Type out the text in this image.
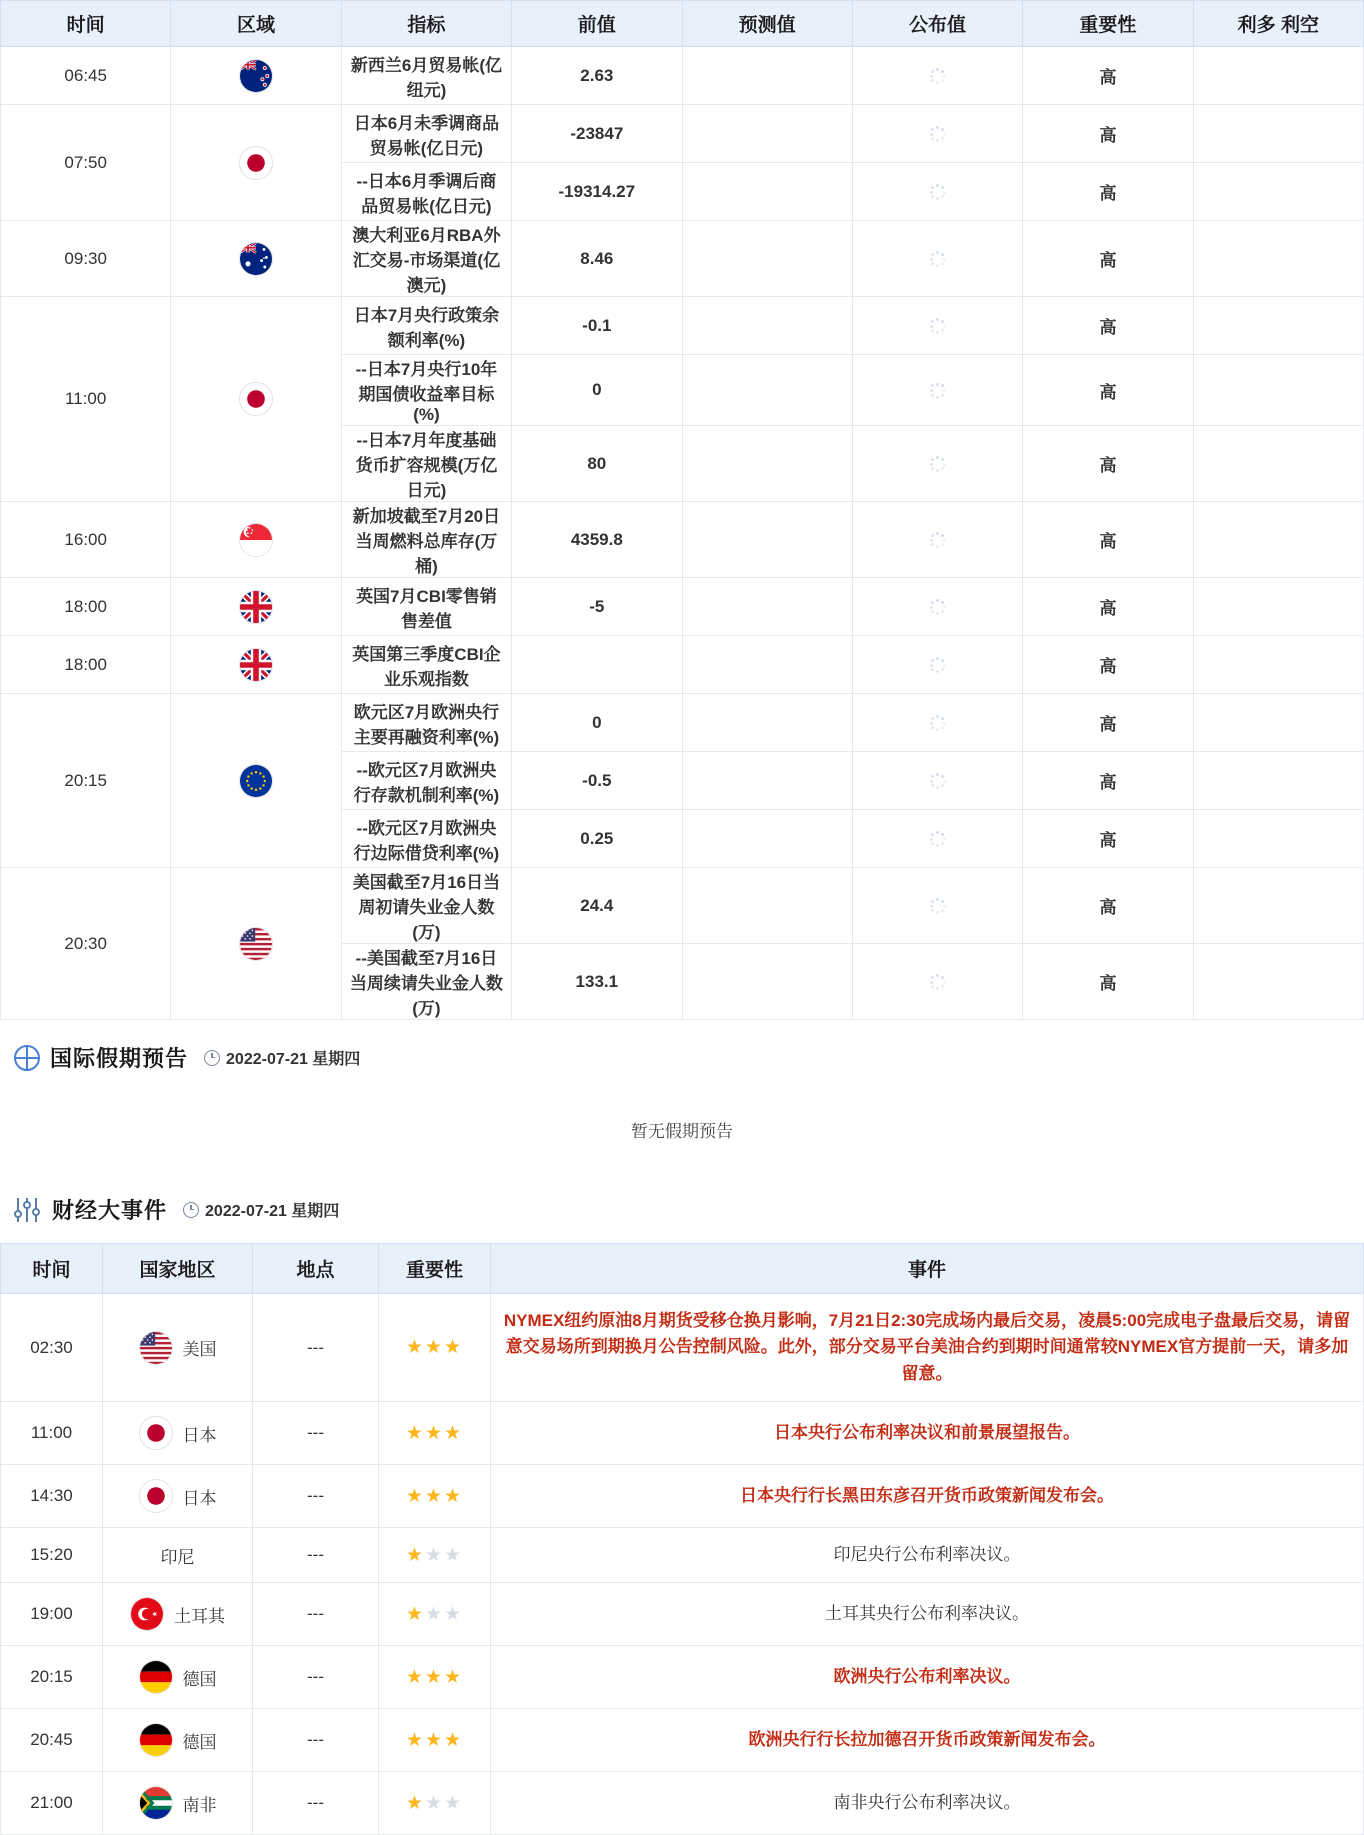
时间	区域	指标	前值	预测值	公布值	重要性	利多 利空
06:45		新西兰6月贸易帐(亿纽元)	2.63			高	
07:50		日本6月未季调商品贸易帐(亿日元)	-23847			高	
		--日本6月季调后商品贸易帐(亿日元)	-19314.27			高	
09:30		澳大利亚6月RBA外汇交易-市场渠道(亿澳元)	8.46			高	
11:00		日本7月央行政策余额利率(%)	-0.1			高	
		--日本7月央行10年期国债收益率目标(%)	0			高	
		--日本7月年度基础货币扩容规模(万亿日元)	80			高	
16:00		新加坡截至7月20日当周燃料总库存(万桶)	4359.8			高	
18:00		英国7月CBI零售销售差值	-5			高	
18:00		英国第三季度CBI企业乐观指数				高	
20:15		欧元区7月欧洲央行主要再融资利率(%)	0			高	
		--欧元区7月欧洲央行存款机制利率(%)	-0.5			高	
		--欧元区7月欧洲央行边际借贷利率(%)	0.25			高	
20:30		美国截至7月16日当周初请失业金人数(万)	24.4			高	
		--美国截至7月16日当周续请失业金人数(万)	133.1			高	
国际假期预告 2022-07-21 星期四
暂无假期预告
财经大事件 2022-07-21 星期四
时间	国家地区	地点	重要性	事件
02:30	美国	---	★★★	NYMEX纽约原油8月期货受移仓换月影响，7月21日2:30完成场内最后交易，凌晨5:00完成电子盘最后交易，请留意交易场所到期换月公告控制风险。此外，部分交易平台美油合约到期时间通常较NYMEX官方提前一天，请多加留意。
11:00	日本	---	★★★	日本央行公布利率决议和前景展望报告。
14:30	日本	---	★★★	日本央行行长黑田东彦召开货币政策新闻发布会。
15:20	印尼	---	★★★	印尼央行公布利率决议。
19:00	土耳其	---	★★★	土耳其央行公布利率决议。
20:15	德国	---	★★★	欧洲央行公布利率决议。
20:45	德国	---	★★★	欧洲央行行长拉加德召开货币政策新闻发布会。
21:00	南非	---	★★★	南非央行公布利率决议。
